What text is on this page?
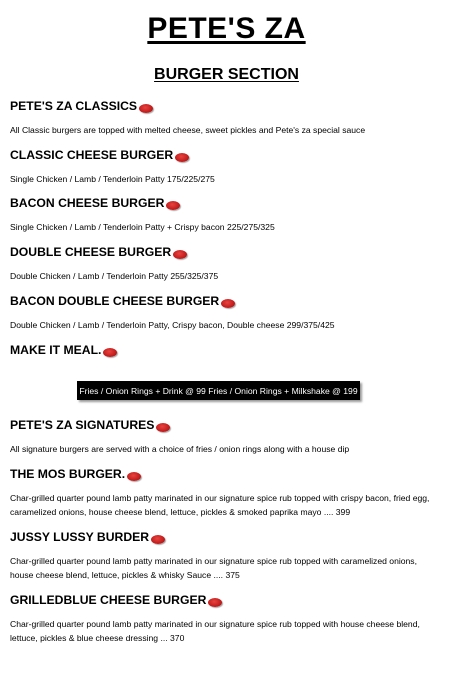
PETE'S ZA
BURGER SECTION
PETE'S ZA CLASSICS
All Classic burgers are topped with melted cheese, sweet pickles and Pete's za special sauce
CLASSIC CHEESE BURGER
Single Chicken / Lamb / Tenderloin Patty 175/225/275
BACON CHEESE BURGER
Single Chicken / Lamb / Tenderloin Patty + Crispy bacon 225/275/325
DOUBLE CHEESE BURGER
Double Chicken / Lamb / Tenderloin Patty 255/325/375
BACON DOUBLE CHEESE BURGER
Double Chicken / Lamb / Tenderloin Patty, Crispy bacon, Double cheese 299/375/425
MAKE IT MEAL.
Fries / Onion Rings + Drink @ 99 Fries / Onion Rings + Milkshake @ 199
PETE'S ZA SIGNATURES
All signature burgers are served with a choice of fries / onion rings along with a house dip
THE MOS BURGER.
Char-grilled quarter pound lamb patty marinated in our signature spice rub topped with crispy bacon, fried egg, caramelized onions, house cheese blend, lettuce, pickles & smoked paprika mayo .... 399
JUSSY LUSSY BURDER
Char-grilled quarter pound lamb patty marinated in our signature spice rub topped with caramelized onions, house cheese blend, lettuce, pickles & whisky Sauce .... 375
GRILLEDBLUE CHEESE BURGER
Char-grilled quarter pound lamb patty marinated in our signature spice rub topped with house cheese blend, lettuce, pickles & blue cheese dressing ... 370
